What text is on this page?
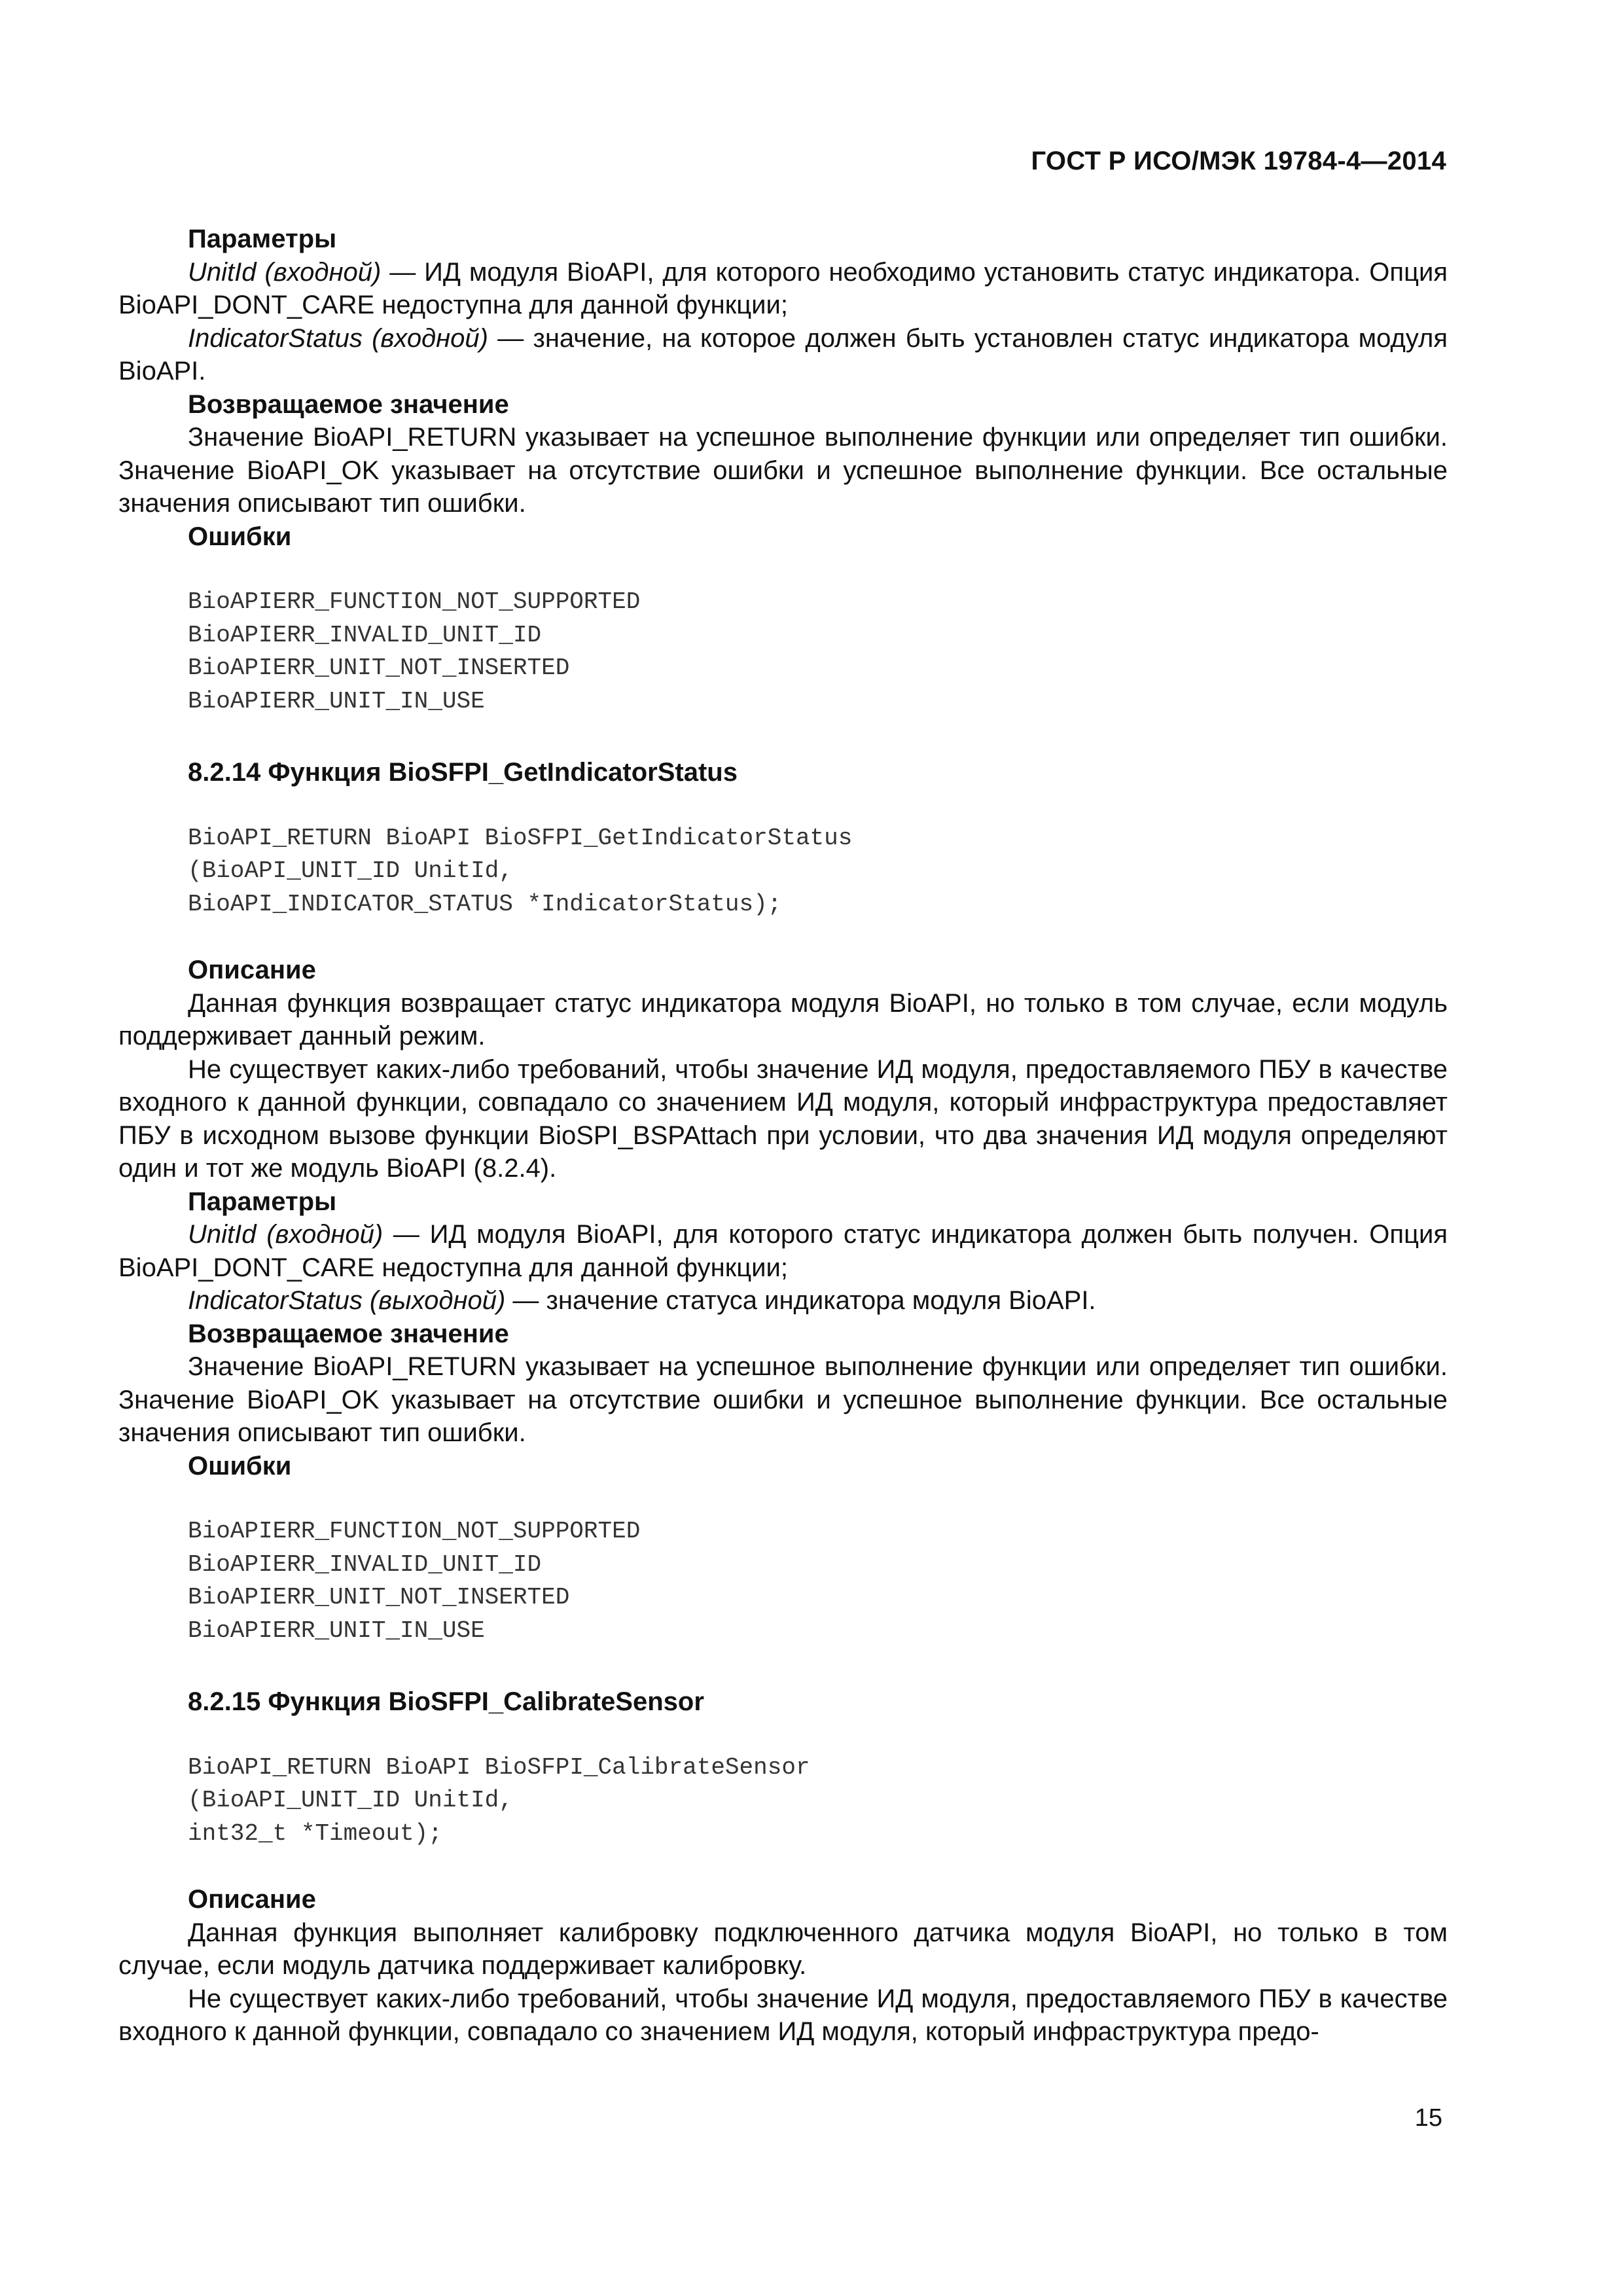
ГОСТ Р ИСО/МЭК 19784-4—2014
Параметры
UnitId (входной) — ИД модуля BioAPI, для которого необходимо установить статус индикатора. Опция BioAPI_DONT_CARE недоступна для данной функции;
IndicatorStatus (входной) — значение, на которое должен быть установлен статус индикатора модуля BioAPI.
Возвращаемое значение
Значение BioAPI_RETURN указывает на успешное выполнение функции или определяет тип ошибки. Значение BioAPI_OK указывает на отсутствие ошибки и успешное выполнение функции. Все остальные значения описывают тип ошибки.
Ошибки
BioAPIERR_FUNCTION_NOT_SUPPORTED
BioAPIERR_INVALID_UNIT_ID
BioAPIERR_UNIT_NOT_INSERTED
BioAPIERR_UNIT_IN_USE
8.2.14 Функция BioSFPI_GetIndicatorStatus
BioAPI_RETURN BioAPI BioSFPI_GetIndicatorStatus
(BioAPI_UNIT_ID UnitId,
BioAPI_INDICATOR_STATUS *IndicatorStatus);
Описание
Данная функция возвращает статус индикатора модуля BioAPI, но только в том случае, если модуль поддерживает данный режим.
Не существует каких-либо требований, чтобы значение ИД модуля, предоставляемого ПБУ в качестве входного к данной функции, совпадало со значением ИД модуля, который инфраструктура предоставляет ПБУ в исходном вызове функции BioSPI_BSPAttach при условии, что два значения ИД модуля определяют один и тот же модуль BioAPI (8.2.4).
Параметры
UnitId (входной) — ИД модуля BioAPI, для которого статус индикатора должен быть получен. Опция BioAPI_DONT_CARE недоступна для данной функции;
IndicatorStatus (выходной) — значение статуса индикатора модуля BioAPI.
Возвращаемое значение
Значение BioAPI_RETURN указывает на успешное выполнение функции или определяет тип ошибки. Значение BioAPI_OK указывает на отсутствие ошибки и успешное выполнение функции. Все остальные значения описывают тип ошибки.
Ошибки
BioAPIERR_FUNCTION_NOT_SUPPORTED
BioAPIERR_INVALID_UNIT_ID
BioAPIERR_UNIT_NOT_INSERTED
BioAPIERR_UNIT_IN_USE
8.2.15 Функция BioSFPI_CalibrateSensor
BioAPI_RETURN BioAPI BioSFPI_CalibrateSensor
(BioAPI_UNIT_ID UnitId,
int32_t *Timeout);
Описание
Данная функция выполняет калибровку подключенного датчика модуля BioAPI, но только в том случае, если модуль датчика поддерживает калибровку.
Не существует каких-либо требований, чтобы значение ИД модуля, предоставляемого ПБУ в качестве входного к данной функции, совпадало со значением ИД модуля, который инфраструктура предо-
15
